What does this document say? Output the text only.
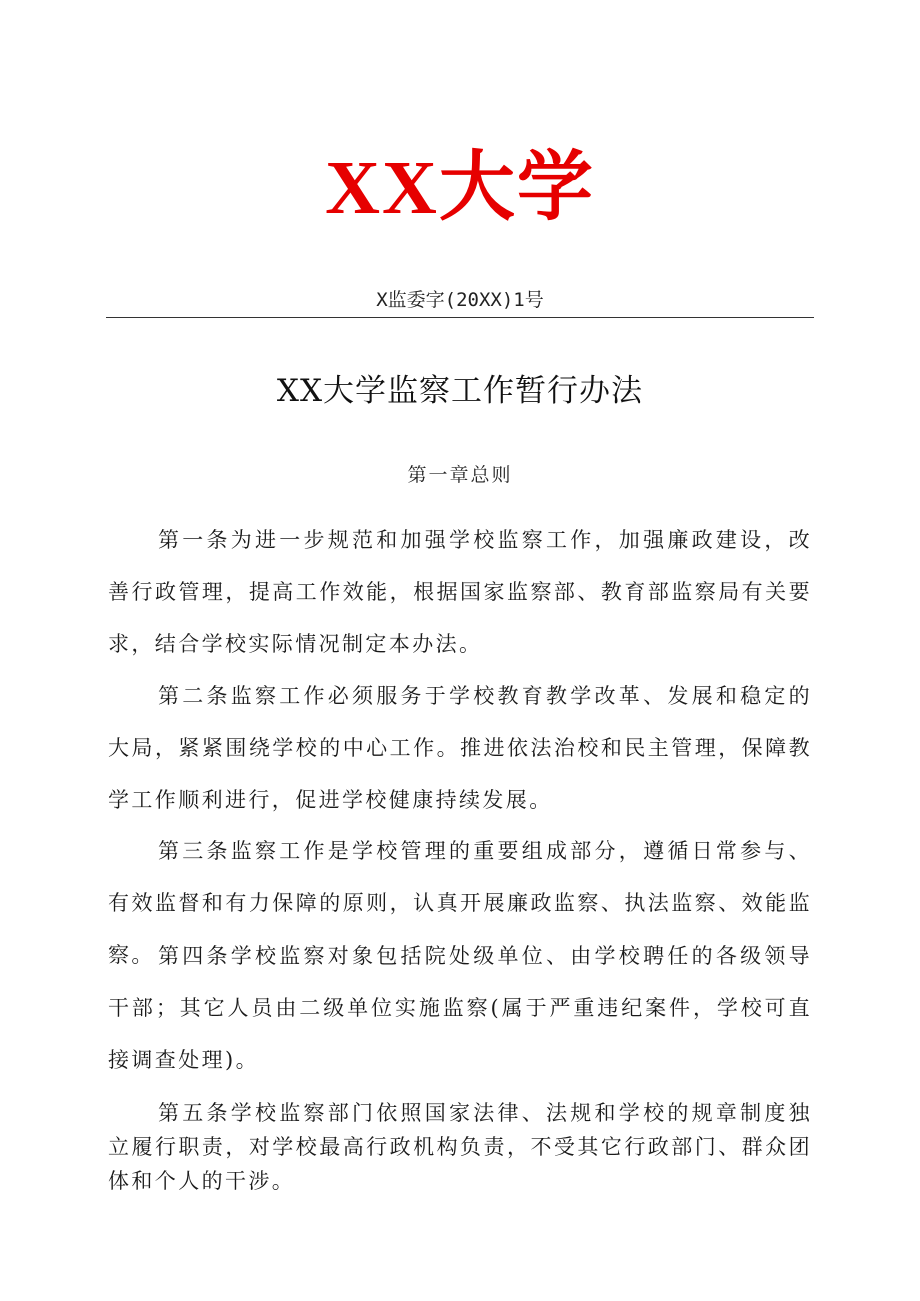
XX大学
X监委字(20XX)1号
XX大学监察工作暂行办法
第一章总则

第一条为进一步规范和加强学校监察工作，加强廉政建设，改善行政管理，提高工作效能，根据国家监察部、教育部监察局有关要求，结合学校实际情况制定本办法。

第二条监察工作必须服务于学校教育教学改革、发展和稳定的大局，紧紧围绕学校的中心工作。推进依法治校和民主管理，保障教学工作顺利进行，促进学校健康持续发展。

第三条监察工作是学校管理的重要组成部分，遵循日常参与、有效监督和有力保障的原则，认真开展廉政监察、执法监察、效能监察。 第四条学校监察对象包括院处级单位、由学校聘任的各级领导干部；其它人员由二级单位实施监察(属于严重违纪案件，学校可直接调查处理)。

第五条学校监察部门依照国家法律、法规和学校的规章制度独立履行职责，对学校最高行政机构负责，不受其它行政部门、群众团体和个人的干涉。
